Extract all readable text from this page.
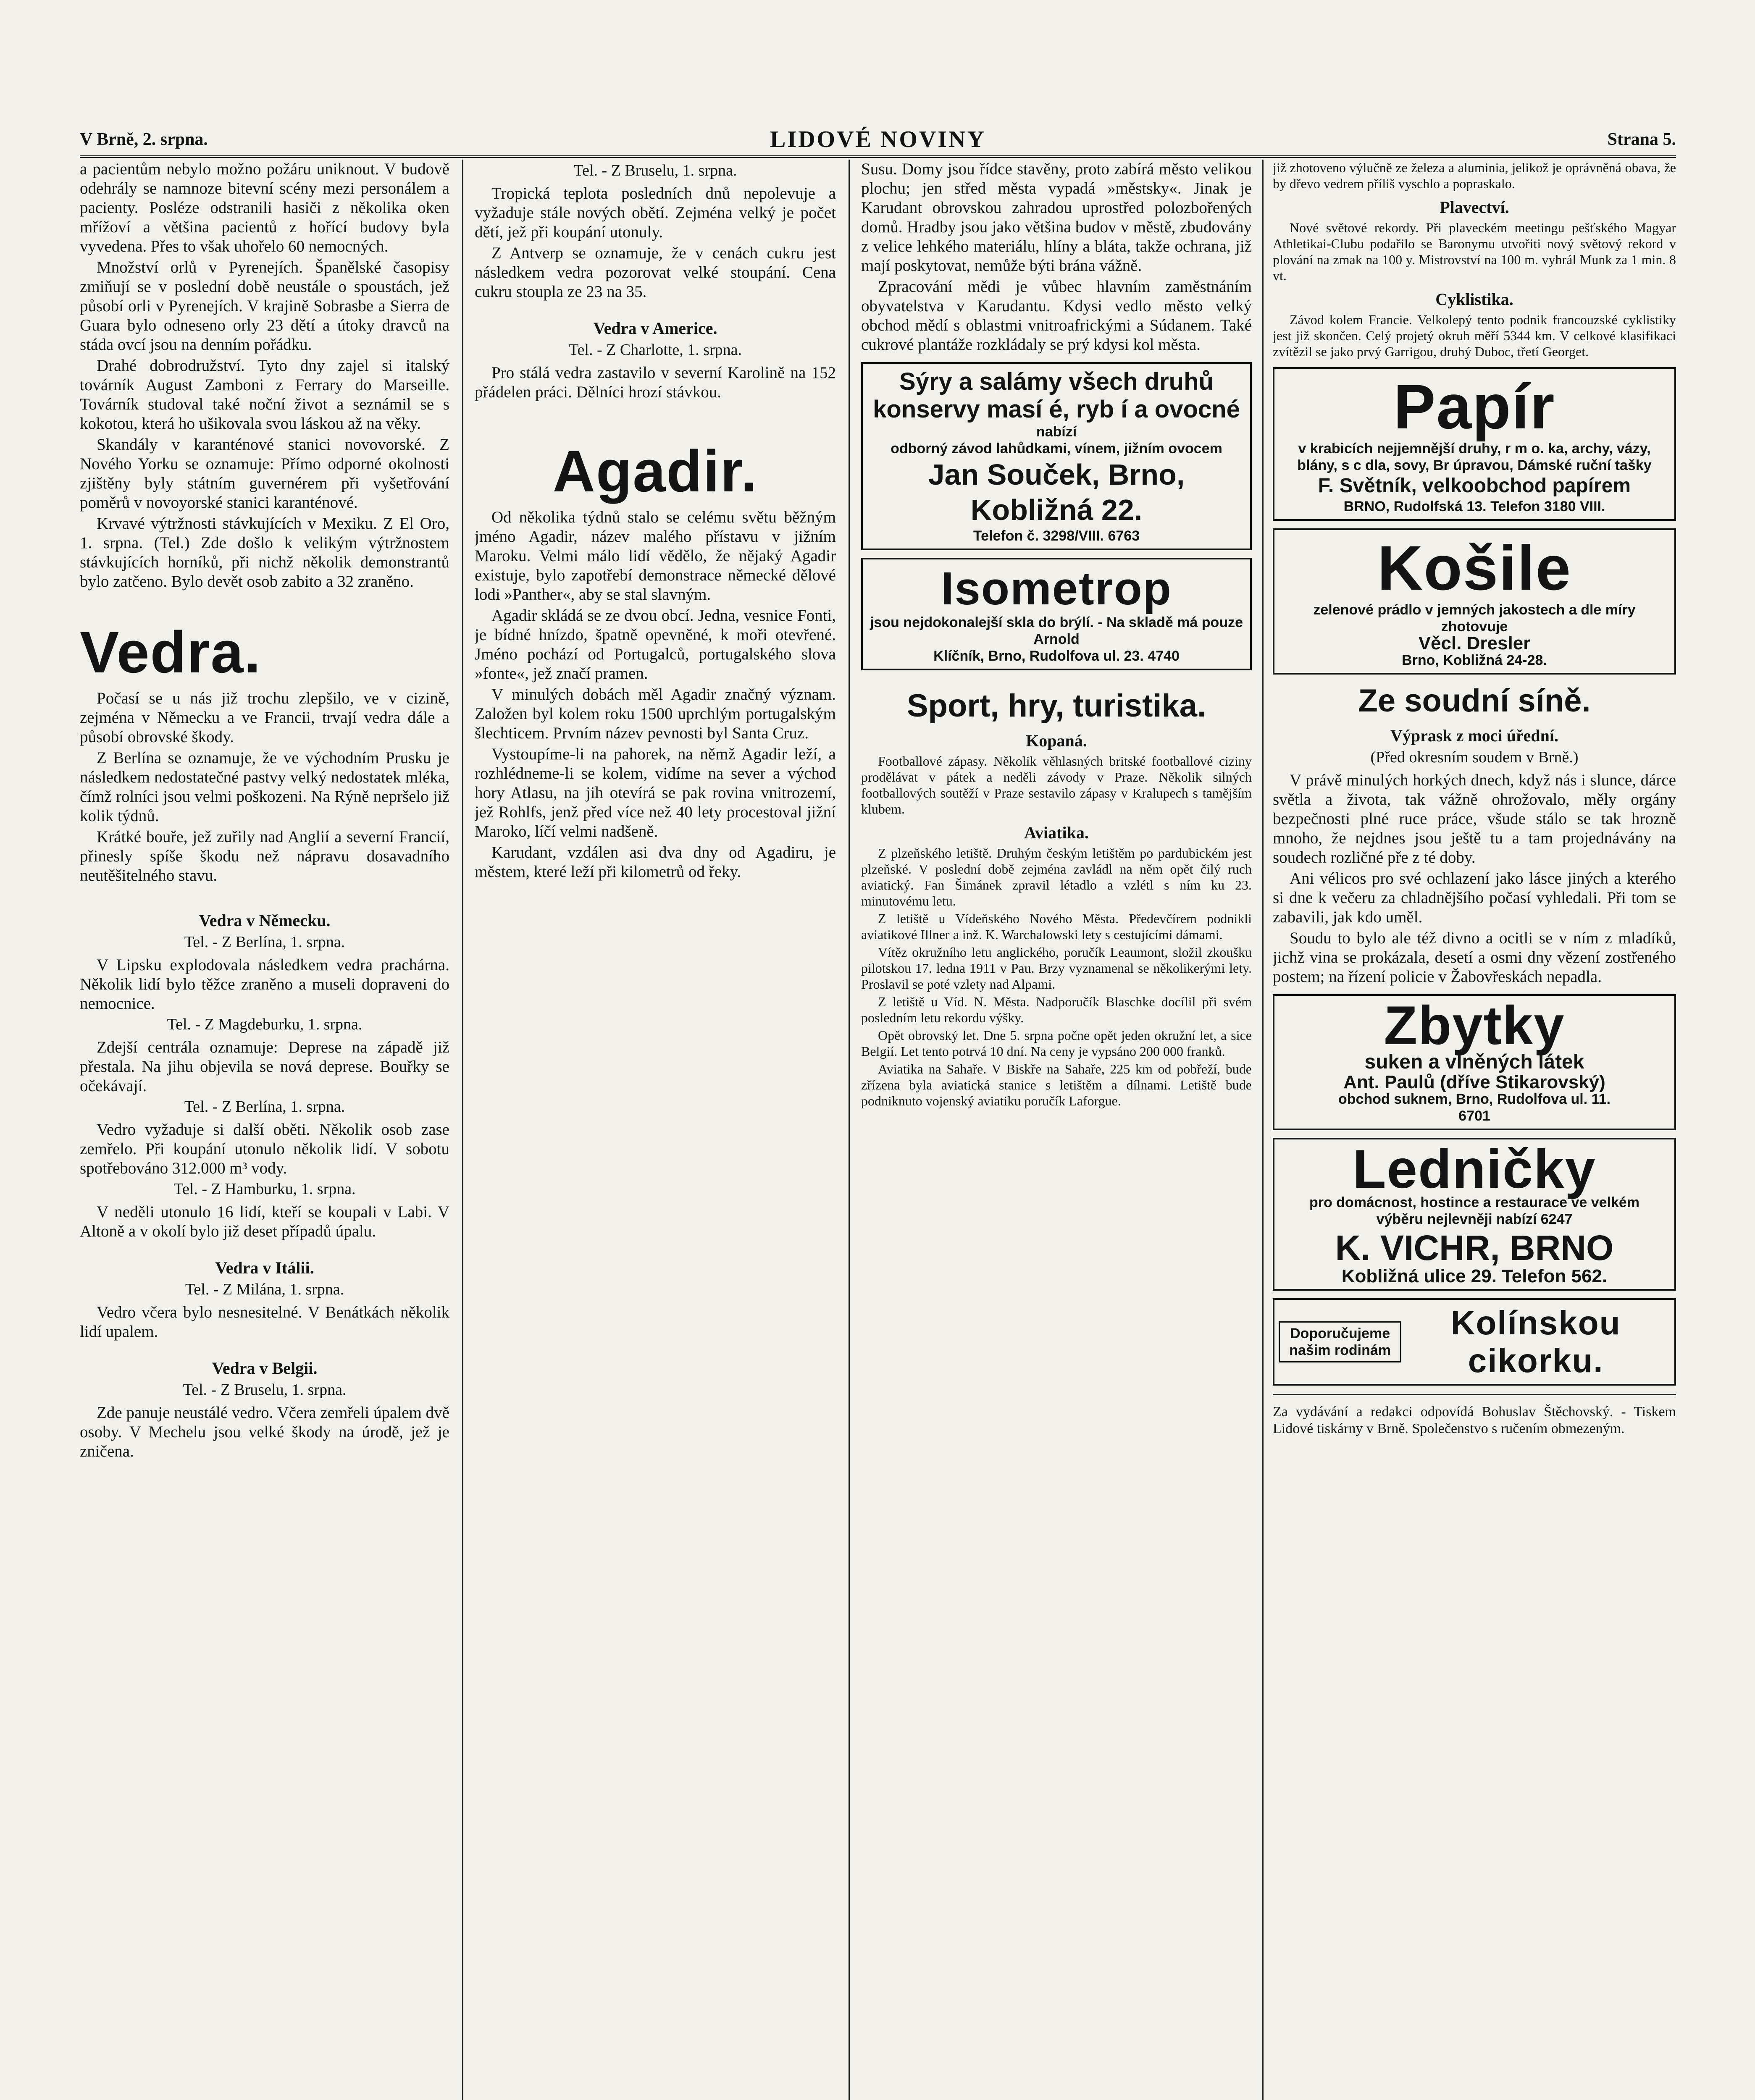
V Brně, 2. srpna.	LIDOVÉ NOVINY	Strana 5.

a pacientům nebylo možno požáru uniknout. V budově odehrály se namnoze bitevní scény mezi personálem a pacienty. Posléze odstranili hasiči z několika oken mřížoví a většina pacientů z hořící budovy byla vyvedena. Přes to však uhořelo 60 nemocných.

Množství orlů v Pyrenejích. Španělské časopisy zmiňují se v poslední době neustále o spoustách, jež působí orli v Pyrenejích. V krajině Sobrasbe a Sierra de Guara bylo odneseno orly 23 dětí a útoky dravců na stáda ovcí jsou na denním pořádku.

Drahé dobrodružství. Tyto dny zajel si italský továrník August Zamboni z Ferrary do Marseille. Továrník studoval také noční život a seznámil se s kokotou, která ho ušikovala svou láskou až na věky.

Skandály v karanténové stanici novovorské. Z Nového Yorku se oznamuje: Přímo odporné okolnosti zjištěny byly státním guvernérem při vyšetřování poměrů v novoyorské stanici karanténové.

Krvavé výtržnosti stávkujících v Mexiku. Z El Oro, 1. srpna. (Tel.) Zde došlo k velikým výtržnostem stávkujících horníků, při nichž několik demonstrantů bylo zatčeno. Bylo devět osob zabito a 32 zraněno.

Vedra.

Počasí se u nás již trochu zlepšilo, ve v cizině, zejména v Německu a ve Francii, trvají vedra dále a působí obrovské škody.

Z Berlína se oznamuje, že ve východním Prusku je následkem nedostatečné pastvy velký nedostatek mléka, čímž rolníci jsou velmi poškozeni. Na Rýně nepršelo již kolik týdnů.

Krátké bouře, jež zuřily nad Anglií a severní Francií, přinesly spíše škodu než nápravu dosavadního neutěšitelného stavu.

Vedra v Německu.
Tel. - Z Berlína, 1. srpna.

V Lipsku explodovala následkem vedra prachárna. Několik lidí bylo těžce zraněno a museli dopraveni do nemocnice.

Tel. - Z Magdeburku, 1. srpna.

Zdejší centrála oznamuje: Deprese na západě již přestala. Na jihu objevila se nová deprese. Bouřky se očekávají.

Tel. - Z Berlína, 1. srpna.

Vedro vyžaduje si další oběti. Několik osob zase zemřelo. Při koupání utonulo několik lidí. V sobotu spotřebováno 312.000 m³ vody.

Tel. - Z Hamburku, 1. srpna.

V neděli utonulo 16 lidí, kteří se koupali v Labi. V Altoně a v okolí bylo již deset případů úpalu.

Vedra v Itálii.
Tel. - Z Milána, 1. srpna.

Vedro včera bylo nesnesitelné. V Benátkách několik lidí upalem.

Vedra v Belgii.
Tel. - Z Bruselu, 1. srpna.

Zde panuje neustálé vedro. Včera zemřeli úpalem dvě osoby. V Mechelu jsou velké škody na úrodě, jež je zničena.

Tel. - Z Bruselu, 1. srpna.

Tropická teplota posledních dnů nepolevuje a vyžaduje stále nových obětí. Zejména velký je počet dětí, jež při koupání utonuly.

Z Antverp se oznamuje, že v cenách cukru jest následkem vedra pozorovat velké stoupání. Cena cukru stoupla ze 23 na 35.

Vedra v Americe.
Tel. - Z Charlotte, 1. srpna.

Pro stálá vedra zastavilo v severní Karolině na 152 přádelen práci. Dělníci hrozí stávkou.

Agadir.

Od několika týdnů stalo se celému světu běžným jméno Agadir, název malého přístavu v jižním Maroku. Velmi málo lidí vědělo, že nějaký Agadir existuje, bylo zapotřebí demonstrace německé dělové lodi »Panther«, aby se stal slavným.

Agadir skládá se ze dvou obcí. Jedna, vesnice Fonti, je bídné hnízdo, špatně opevněné, k moři otevřené. Jméno pochází od Portugalců, portugalského slova »fonte«, jež značí pramen.

V minulých dobách měl Agadir značný význam. Založen byl kolem roku 1500 uprchlým portugalským šlechticem. Prvním název pevnosti byl Santa Cruz.

Vystoupíme-li na pahorek, na němž Agadir leží, a rozhlédneme-li se kolem, vidíme na sever a východ hory Atlasu, na jih otevírá se pak rovina vnitrozemí, jež Rohlfs, jenž před více než 40 lety procestoval jižní Maroko, líčí velmi nadšeně.

Karudant, vzdálen asi dva dny od Agadiru, je městem, které leží při kilometrů od řeky.

Susu. Domy jsou řídce stavěny, proto zabírá město velikou plochu; jen střed města vypadá »městsky«. Jinak je Karudant obrovskou zahradou uprostřed polozbořených domů. Hradby jsou jako většina budov v městě, zbudovány z velice lehkého materiálu, hlíny a bláta, takže ochrana, již mají poskytovat, nemůže býti brána vážně.

Zpracování mědi je vůbec hlavním zaměstnáním obyvatelstva v Karudantu. Kdysi vedlo město velký obchod mědí s oblastmi vnitroafrickými a Súdanem. Také cukrové plantáže rozkládaly se prý kdysi kol města.

Sýry a salámy všech druhů
konservy masí é, ryb í a ovocné
nabízí
odborný závod lahůdkami, vínem, jižním ovocem
Jan Souček, Brno, Kobližná 22.
Telefon č. 3298/VIII. 6763
Isometrop
jsou nejdokonalejší skla do brýlí. - Na skladě má pouze Arnold
Klíčník, Brno, Rudolfova ul. 23. 4740
Sport, hry, turistika.
Kopaná.

Footballové zápasy. Několik věhlasných britské footballové ciziny prodělávat v pátek a neděli závody v Praze. Několik silných footballových soutěží v Praze sestavilo zápasy v Kralupech s tamějším klubem.

Aviatika.

Z plzeňského letiště. Druhým českým letištěm po pardubickém jest plzeňské. V poslední době zejména zavládl na něm opět čilý ruch aviatický. Fan Šimánek zpravil létadlo a vzlétl s ním ku 23. minutovému letu.

Z letiště u Vídeňského Nového Města. Předevčírem podnikli aviatikové Illner a inž. K. Warchalowski lety s cestujícími dámami.

Vítěz okružního letu anglického, poručík Leaumont, složil zkoušku pilotskou 17. ledna 1911 v Pau. Brzy vyznamenal se několikerými lety. Proslavil se poté vzlety nad Alpami.

Z letiště u Víd. N. Města. Nadporučík Blaschke docílil při svém posledním letu rekordu výšky.

Opět obrovský let. Dne 5. srpna počne opět jeden okružní let, a sice Belgií. Let tento potrvá 10 dní. Na ceny je vypsáno 200 000 franků.

Aviatika na Sahaře. V Biskře na Sahaře, 225 km od pobřeží, bude zřízena byla aviatická stanice s letištěm a dílnami. Letiště bude podniknuto vojenský aviatiku poručík Laforgue.

již zhotoveno výlučně ze železa a aluminia, jelikož je oprávněná obava, že by dřevo vedrem příliš vyschlo a popraskalo.

Plavectví.

Nové světové rekordy. Při plaveckém meetingu pešťského Magyar Athletikai-Clubu podařilo se Baronymu utvořiti nový světový rekord v plování na zmak na 100 y. Mistrovství na 100 m. vyhrál Munk za 1 min. 8 vt.

Cyklistika.

Závod kolem Francie. Velkolepý tento podnik francouzské cyklistiky jest již skončen. Celý projetý okruh měří 5344 km. V celkové klasifikaci zvítězil se jako prvý Garrigou, druhý Duboc, třetí Georget.

Papír
v krabicích nejjemnější druhy, r m o. ka, archy, vázy, blány, s c dla, sovy, Br úpravou, Dámské ruční tašky
F. Světník, velkoobchod papírem
BRNO, Rudolfská 13. Telefon 3180 VIII.
Košile
zelenové prádlo v jemných jakostech a dle míry zhotovuje
Věcl. Dresler
Brno, Kobližná 24-28.
Ze soudní síně.
Výprask z moci úřední.
(Před okresním soudem v Brně.)

V právě minulých horkých dnech, když nás i slunce, dárce světla a života, tak vážně ohrožovalo, měly orgány bezpečnosti plné ruce práce, všude stálo se tak hrozně mnoho, že nejdnes jsou ještě tu a tam projednávány na soudech rozličné pře z té doby.

Ani vélicos pro své ochlazení jako lásce jiných a kterého si dne k večeru za chladnějšího počasí vyhledali. Při tom se zabavili, jak kdo uměl.

Soudu to bylo ale též divno a ocitli se v ním z mladíků, jichž vina se prokázala, desetí a osmi dny vězení zostřeného postem; na řízení policie v Žabovřeskách nepadla.

Zbytky
suken a vlněných látek
Ant. Paulů (dříve Stikarovský)
obchod suknem, Brno, Rudolfova ul. 11.
6701
Ledničky
pro domácnost, hostince a restaurace ve velkém
výběru nejlevněji nabízí 6247
K. VICHR, BRNO
Kobližná ulice 29. Telefon 562.
Doporučujeme našim rodinám
Kolínskou cikorku.

Za vydávání a redakci odpovídá Bohuslav Štěchovský. - Tiskem Lidové tiskárny v Brně. Společenstvo s ručením obmezeným.
